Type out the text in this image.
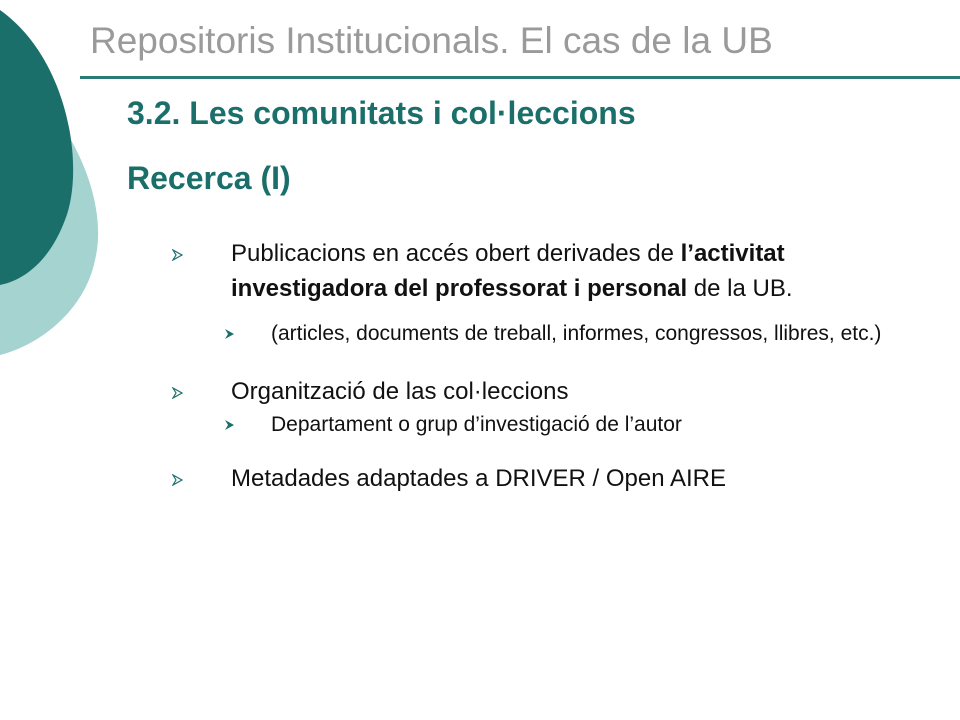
Repositoris Institucionals. El cas de la UB
3.2. Les comunitats i col·leccions
Recerca (I)
Publicacions en accés obert derivades de l’activitat investigadora del professorat i personal de la UB.
(articles, documents de treball, informes, congressos, llibres, etc.)
Organització de las col·leccions
Departament o grup d’investigació de l’autor
Metadades adaptades a DRIVER / Open AIRE
